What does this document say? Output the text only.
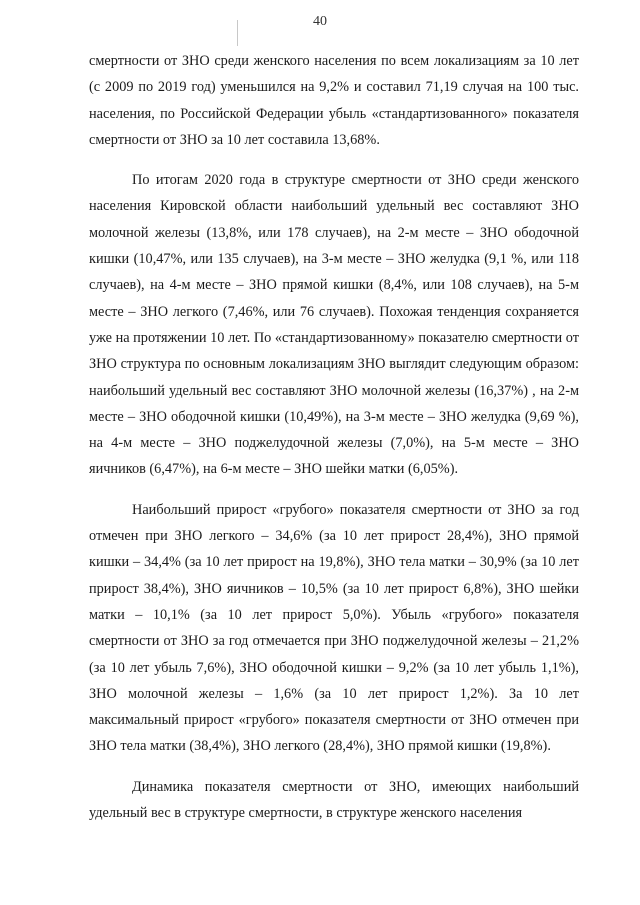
40

смертности от ЗНО среди женского населения по всем локализациям за 10 лет (с 2009 по 2019 год) уменьшился на 9,2% и составил 71,19 случая на 100 тыс. населения, по Российской Федерации убыль «стандартизованного» показателя смертности от ЗНО за 10 лет составила 13,68%.

По итогам 2020 года в структуре смертности от ЗНО среди женского населения Кировской области наибольший удельный вес составляют ЗНО молочной железы (13,8%, или 178 случаев), на 2-м месте – ЗНО ободочной кишки (10,47%, или 135 случаев), на 3-м месте – ЗНО желудка (9,1 %, или 118 случаев), на 4-м месте – ЗНО прямой кишки (8,4%, или 108 случаев), на 5-м месте – ЗНО легкого (7,46%, или 76 случаев). Похожая тенденция сохраняется уже на протяжении 10 лет. По «стандартизованному» показателю смертности от ЗНО структура по основным локализациям ЗНО выглядит следующим образом: наибольший удельный вес составляют ЗНО молочной железы (16,37%) , на 2-м месте – ЗНО ободочной кишки (10,49%), на 3-м месте – ЗНО желудка (9,69 %), на 4-м месте – ЗНО поджелудочной железы (7,0%), на 5-м месте – ЗНО яичников (6,47%), на 6-м месте – ЗНО шейки матки (6,05%).

Наибольший прирост «грубого» показателя смертности от ЗНО за год отмечен при ЗНО легкого – 34,6% (за 10 лет прирост 28,4%), ЗНО прямой кишки – 34,4% (за 10 лет прирост на 19,8%), ЗНО тела матки – 30,9% (за 10 лет прирост 38,4%), ЗНО яичников – 10,5% (за 10 лет прирост 6,8%), ЗНО шейки матки – 10,1% (за 10 лет прирост 5,0%). Убыль «грубого» показателя смертности от ЗНО за год отмечается при ЗНО поджелудочной железы – 21,2% (за 10 лет убыль 7,6%), ЗНО ободочной кишки – 9,2% (за 10 лет убыль 1,1%), ЗНО молочной железы – 1,6% (за 10 лет прирост 1,2%). За 10 лет максимальный прирост «грубого» показателя смертности от ЗНО отмечен при ЗНО тела матки (38,4%), ЗНО легкого (28,4%), ЗНО прямой кишки (19,8%).

Динамика показателя смертности от ЗНО, имеющих наибольший удельный вес в структуре смертности, в структуре женского населения
